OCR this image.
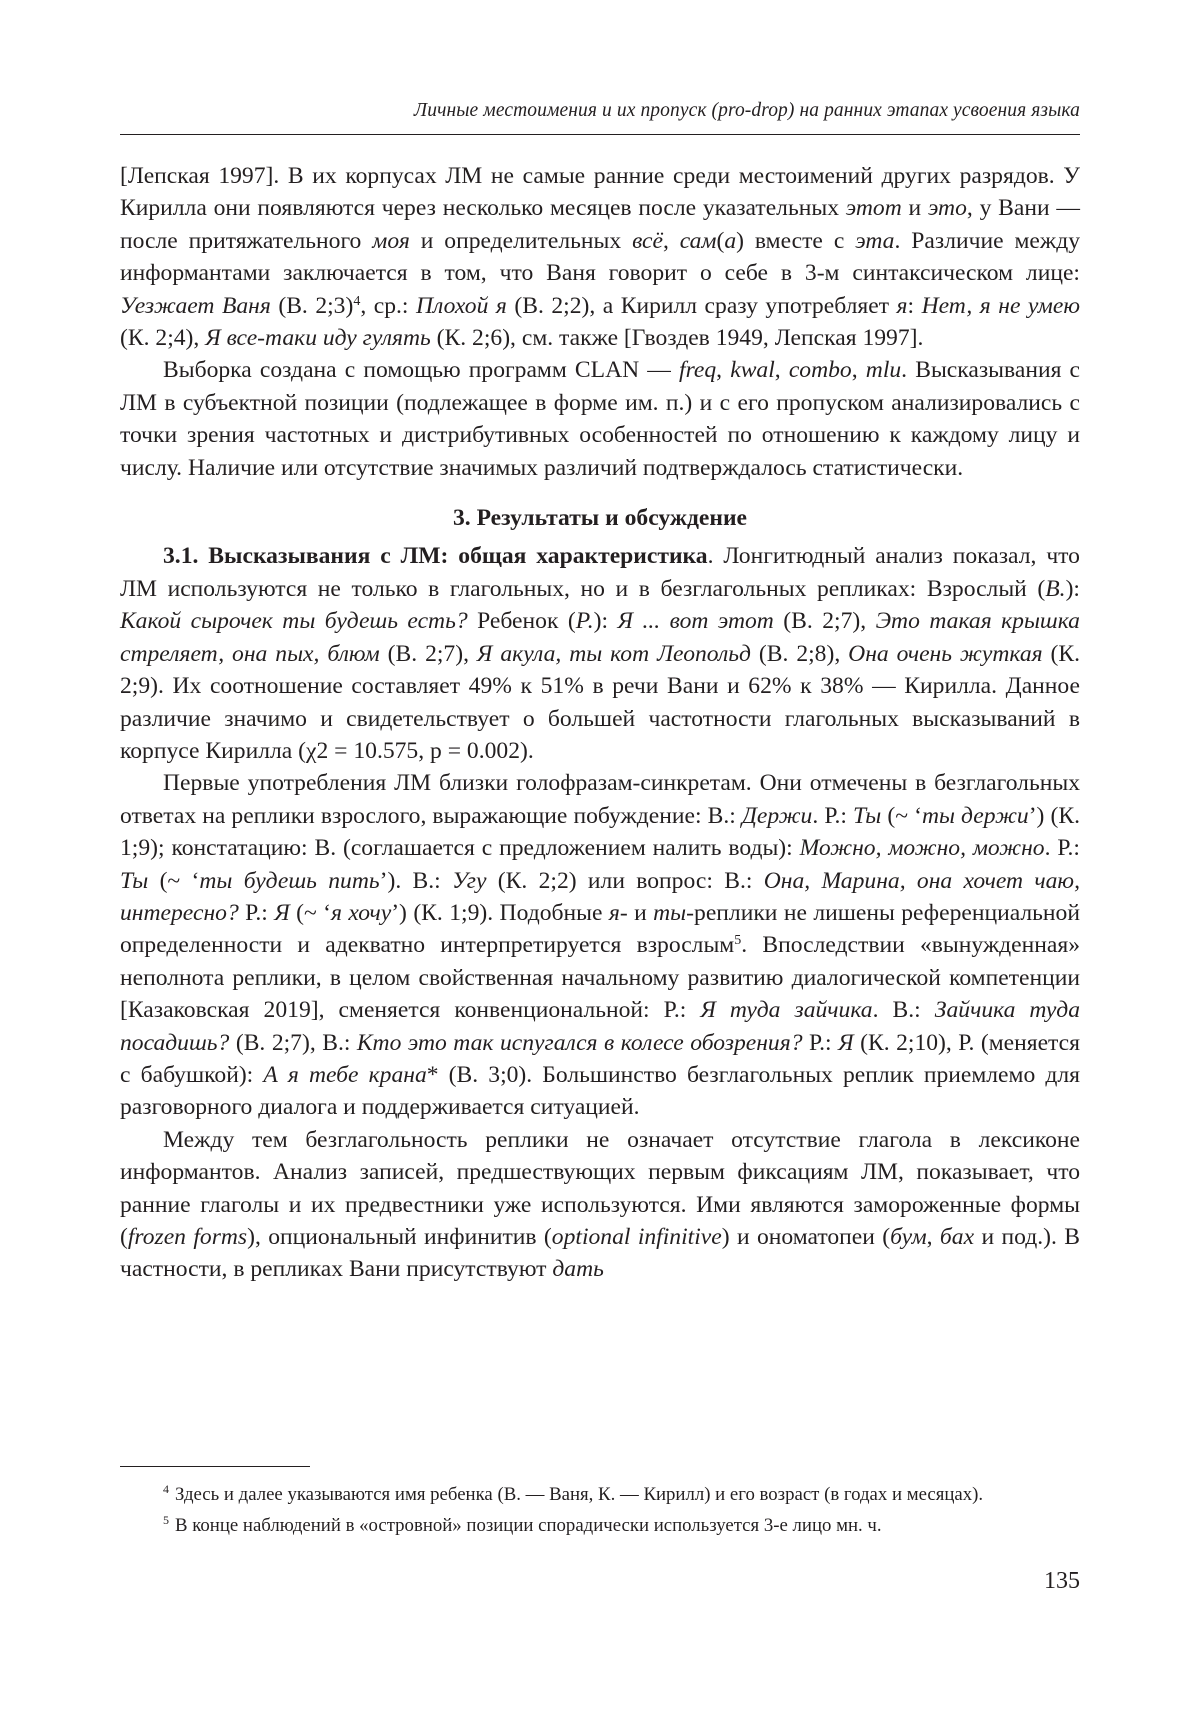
Личные местоимения и их пропуск (pro-drop) на ранних этапах усвоения языка

[Лепская 1997]. В их корпусах ЛМ не самые ранние среди местоимений других разрядов. У Кирилла они появляются через несколько месяцев после указательных этот и это, у Вани — после притяжательного моя и определительных всё, сам(а) вместе с эта. Различие между информантами заключается в том, что Ваня говорит о себе в 3-м синтаксическом лице: Уезжает Ваня (В. 2;3)$^4$, ср.: Плохой я (В. 2;2), а Кирилл сразу употребляет я: Нет, я не умею (К. 2;4), Я все-таки иду гулять (К. 2;6), см. также [Гвоздев 1949, Лепская 1997].

Выборка создана с помощью программ CLAN — freq, kwal, combo, mlu. Высказывания с ЛМ в субъектной позиции (подлежащее в форме им. п.) и с его пропуском анализировались с точки зрения частотных и дистрибутивных особенностей по отношению к каждому лицу и числу. Наличие или отсутствие значимых различий подтверждалось статистически.

3. Результаты и обсуждение

3.1. Высказывания с ЛМ: общая характеристика. Лонгитюдный анализ показал, что ЛМ используются не только в глагольных, но и в безглагольных репликах: Взрослый (В.): Какой сырочек ты будешь есть? Ребенок (Р.): Я ... вот этот (В. 2;7), Это такая крышка стреляет, она пых, блюм (В. 2;7), Я акула, ты кот Леопольд (В. 2;8), Она очень жуткая (К. 2;9). Их соотношение составляет 49% к 51% в речи Вани и 62% к 38% — Кирилла. Данное различие значимо и свидетельствует о большей частотности глагольных высказываний в корпусе Кирилла (χ2 = 10.575, p = 0.002).

Первые употребления ЛМ близки голофразам-синкретам. Они отмечены в безглагольных ответах на реплики взрослого, выражающие побуждение: В.: Держи. Р.: Ты (~ ‘ты держи’) (К. 1;9); констатацию: В. (соглашается с предложением налить воды): Можно, можно, можно. Р.: Ты (~ ‘ты будешь пить’). В.: Угу (К. 2;2) или вопрос: В.: Она, Марина, она хочет чаю, интересно? Р.: Я (~ ‘я хочу’) (К. 1;9). Подобные я- и ты-реплики не лишены референциальной определенности и адекватно интерпретируется взрослым$^5$. Впоследствии «вынужденная» неполнота реплики, в целом свойственная начальному развитию диалогической компетенции [Казаковская 2019], сменяется конвенциональной: Р.: Я туда зайчика. В.: Зайчика туда посадишь? (В. 2;7), В.: Кто это так испугался в колесе обозрения? Р.: Я (К. 2;10), Р. (меняется с бабушкой): А я тебе крана* (В. 3;0). Большинство безглагольных реплик приемлемо для разговорного диалога и поддерживается ситуацией.

Между тем безглагольность реплики не означает отсутствие глагола в лексиконе информантов. Анализ записей, предшествующих первым фиксациям ЛМ, показывает, что ранние глаголы и их предвестники уже используются. Ими являются замороженные формы (frozen forms), опциональный инфинитив (optional infinitive) и ономатопеи (бум, бах и под.). В частности, в репликах Вани присутствуют дать

$^4$ Здесь и далее указываются имя ребенка (В. — Ваня, К. — Кирилл) и его возраст (в годах и месяцах).

$^5$ В конце наблюдений в «островной» позиции спорадически используется 3-е лицо мн. ч.

135
